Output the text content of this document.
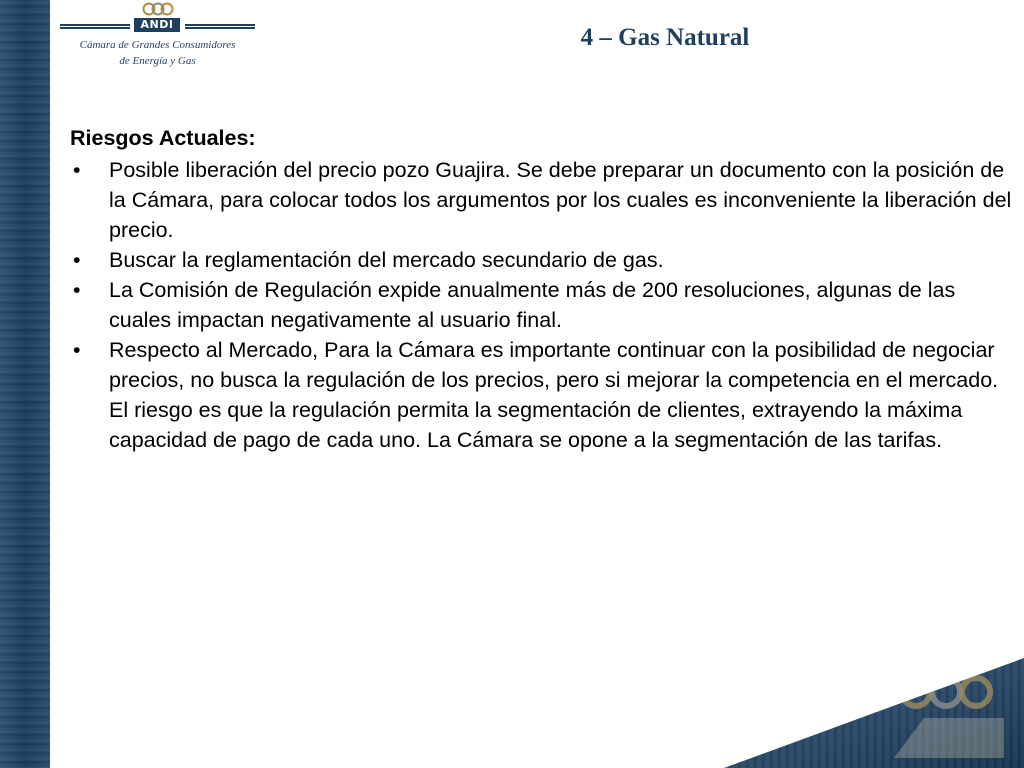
ANDI
Cámara de Grandes Consumidores
de Energía y Gas
4 – Gas Natural
Riesgos Actuales:
• Posible liberación del precio pozo Guajira. Se debe preparar un documento con la posición de la Cámara, para colocar todos los argumentos por los cuales es inconveniente la liberación del precio.
• Buscar la reglamentación del mercado secundario de gas.
• La Comisión de Regulación expide anualmente más de 200 resoluciones, algunas de las cuales impactan negativamente al usuario final.
• Respecto al Mercado, Para la Cámara es importante continuar con la posibilidad de negociar precios, no busca la regulación de los precios, pero si mejorar la competencia en el mercado. El riesgo es que la regulación permita la segmentación de clientes, extrayendo la máxima capacidad de pago de cada uno. La Cámara se opone a la segmentación de las tarifas.
